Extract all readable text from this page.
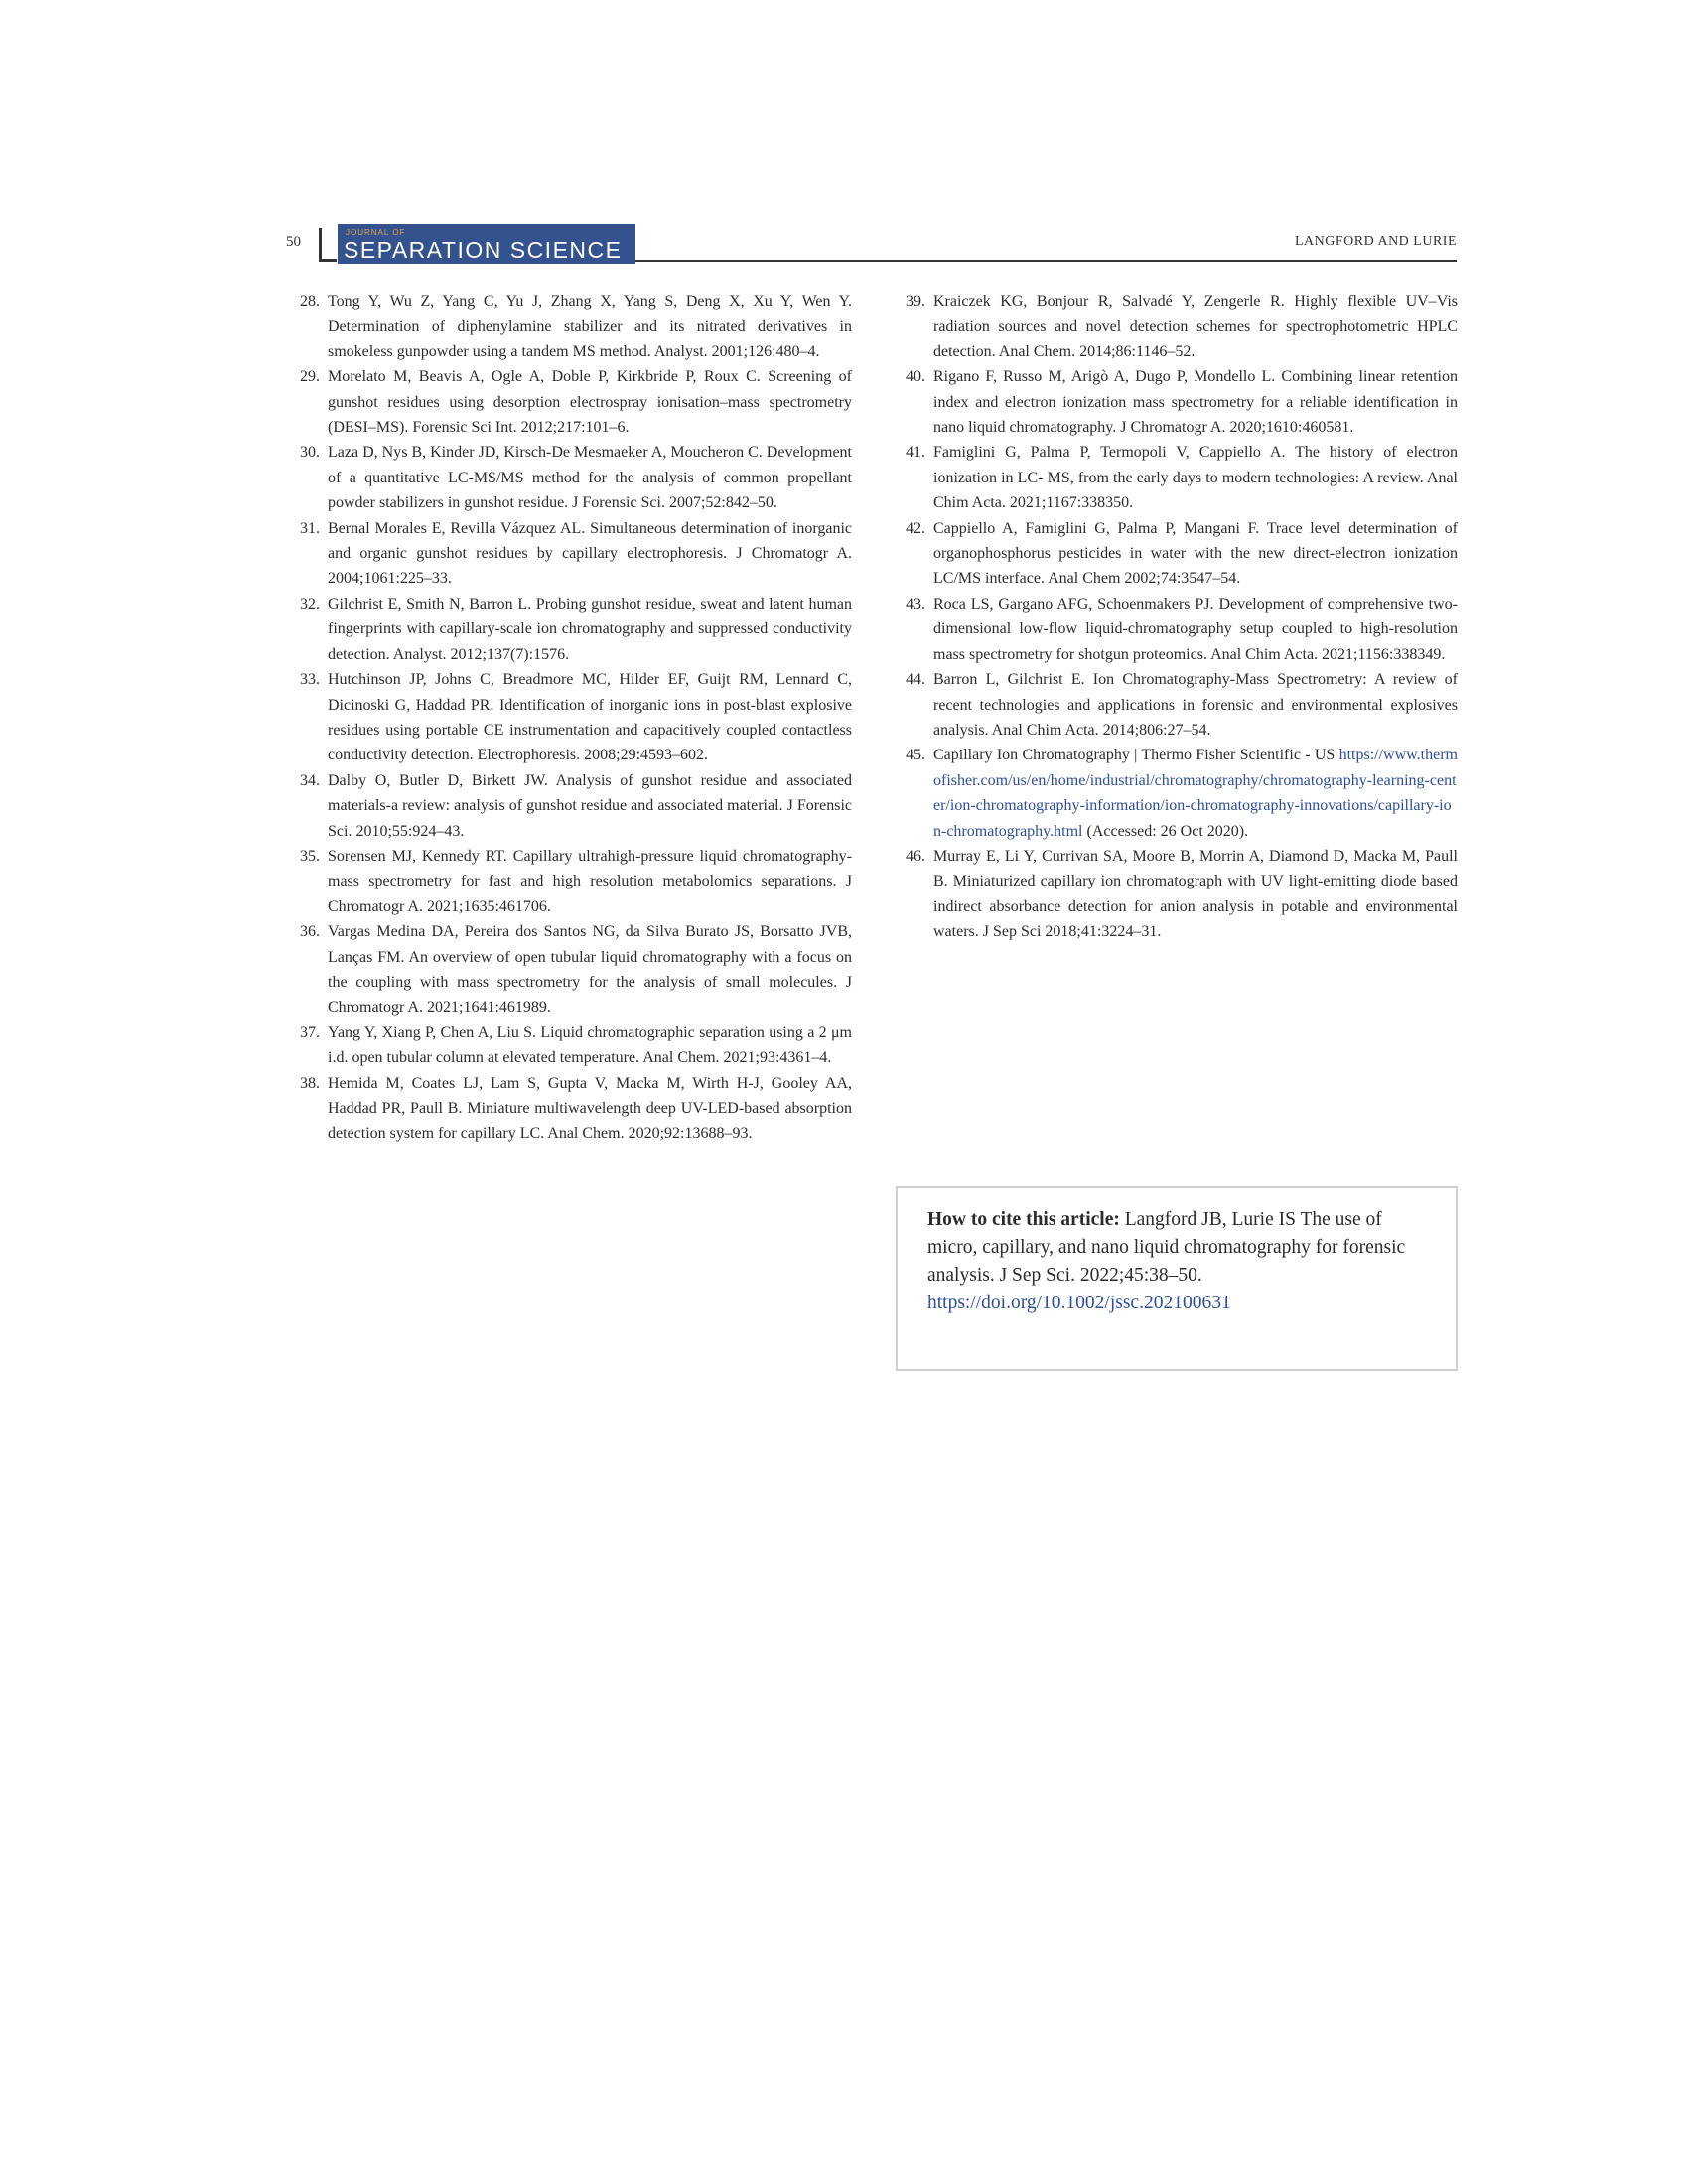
50
JOURNAL OF
SEPARATION SCIENCE	LANGFORD AND LURIE
28. Tong Y, Wu Z, Yang C, Yu J, Zhang X, Yang S, Deng X, Xu Y, Wen Y. Determination of diphenylamine stabilizer and its nitrated derivatives in smokeless gunpowder using a tandem MS method. Analyst. 2001;126:480–4.
29. Morelato M, Beavis A, Ogle A, Doble P, Kirkbride P, Roux C. Screening of gunshot residues using desorption electrospray ionisation–mass spectrometry (DESI–MS). Forensic Sci Int. 2012;217:101–6.
30. Laza D, Nys B, Kinder JD, Kirsch-De Mesmaeker A, Moucheron C. Development of a quantitative LC-MS/MS method for the analysis of common propellant powder stabilizers in gunshot residue. J Forensic Sci. 2007;52:842–50.
31. Bernal Morales E, Revilla Vázquez AL. Simultaneous determination of inorganic and organic gunshot residues by capillary electrophoresis. J Chromatogr A. 2004;1061:225–33.
32. Gilchrist E, Smith N, Barron L. Probing gunshot residue, sweat and latent human fingerprints with capillary-scale ion chromatography and suppressed conductivity detection. Analyst. 2012;137(7):1576.
33. Hutchinson JP, Johns C, Breadmore MC, Hilder EF, Guijt RM, Lennard C, Dicinoski G, Haddad PR. Identification of inorganic ions in post-blast explosive residues using portable CE instrumentation and capacitively coupled contactless conductivity detection. Electrophoresis. 2008;29:4593–602.
34. Dalby O, Butler D, Birkett JW. Analysis of gunshot residue and associated materials-a review: analysis of gunshot residue and associated material. J Forensic Sci. 2010;55:924–43.
35. Sorensen MJ, Kennedy RT. Capillary ultrahigh-pressure liquid chromatography-mass spectrometry for fast and high resolution metabolomics separations. J Chromatogr A. 2021;1635:461706.
36. Vargas Medina DA, Pereira dos Santos NG, da Silva Burato JS, Borsatto JVB, Lanças FM. An overview of open tubular liquid chromatography with a focus on the coupling with mass spectrometry for the analysis of small molecules. J Chromatogr A. 2021;1641:461989.
37. Yang Y, Xiang P, Chen A, Liu S. Liquid chromatographic separation using a 2 μm i.d. open tubular column at elevated temperature. Anal Chem. 2021;93:4361–4.
38. Hemida M, Coates LJ, Lam S, Gupta V, Macka M, Wirth H-J, Gooley AA, Haddad PR, Paull B. Miniature multiwavelength deep UV-LED-based absorption detection system for capillary LC. Anal Chem. 2020;92:13688–93.
39. Kraiczek KG, Bonjour R, Salvadé Y, Zengerle R. Highly flexible UV–Vis radiation sources and novel detection schemes for spectrophotometric HPLC detection. Anal Chem. 2014;86:1146–52.
40. Rigano F, Russo M, Arigò A, Dugo P, Mondello L. Combining linear retention index and electron ionization mass spectrometry for a reliable identification in nano liquid chromatography. J Chromatogr A. 2020;1610:460581.
41. Famiglini G, Palma P, Termopoli V, Cappiello A. The history of electron ionization in LC- MS, from the early days to modern technologies: A review. Anal Chim Acta. 2021;1167:338350.
42. Cappiello A, Famiglini G, Palma P, Mangani F. Trace level determination of organophosphorus pesticides in water with the new direct-electron ionization LC/MS interface. Anal Chem 2002;74:3547–54.
43. Roca LS, Gargano AFG, Schoenmakers PJ. Development of comprehensive two-dimensional low-flow liquid-chromatography setup coupled to high-resolution mass spectrometry for shotgun proteomics. Anal Chim Acta. 2021;1156:338349.
44. Barron L, Gilchrist E. Ion Chromatography-Mass Spectrometry: A review of recent technologies and applications in forensic and environmental explosives analysis. Anal Chim Acta. 2014;806:27–54.
45. Capillary Ion Chromatography | Thermo Fisher Scientific - US https://www.thermofisher.com/us/en/home/industrial/chromatography/chromatography-learning-center/ion-chromatography-information/ion-chromatography-innovations/capillary-ion-chromatography.html (Accessed: 26 Oct 2020).
46. Murray E, Li Y, Currivan SA, Moore B, Morrin A, Diamond D, Macka M, Paull B. Miniaturized capillary ion chromatograph with UV light-emitting diode based indirect absorbance detection for anion analysis in potable and environmental waters. J Sep Sci 2018;41:3224–31.
How to cite this article: Langford JB, Lurie IS The use of micro, capillary, and nano liquid chromatography for forensic analysis. J Sep Sci. 2022;45:38–50.
https://doi.org/10.1002/jssc.202100631
